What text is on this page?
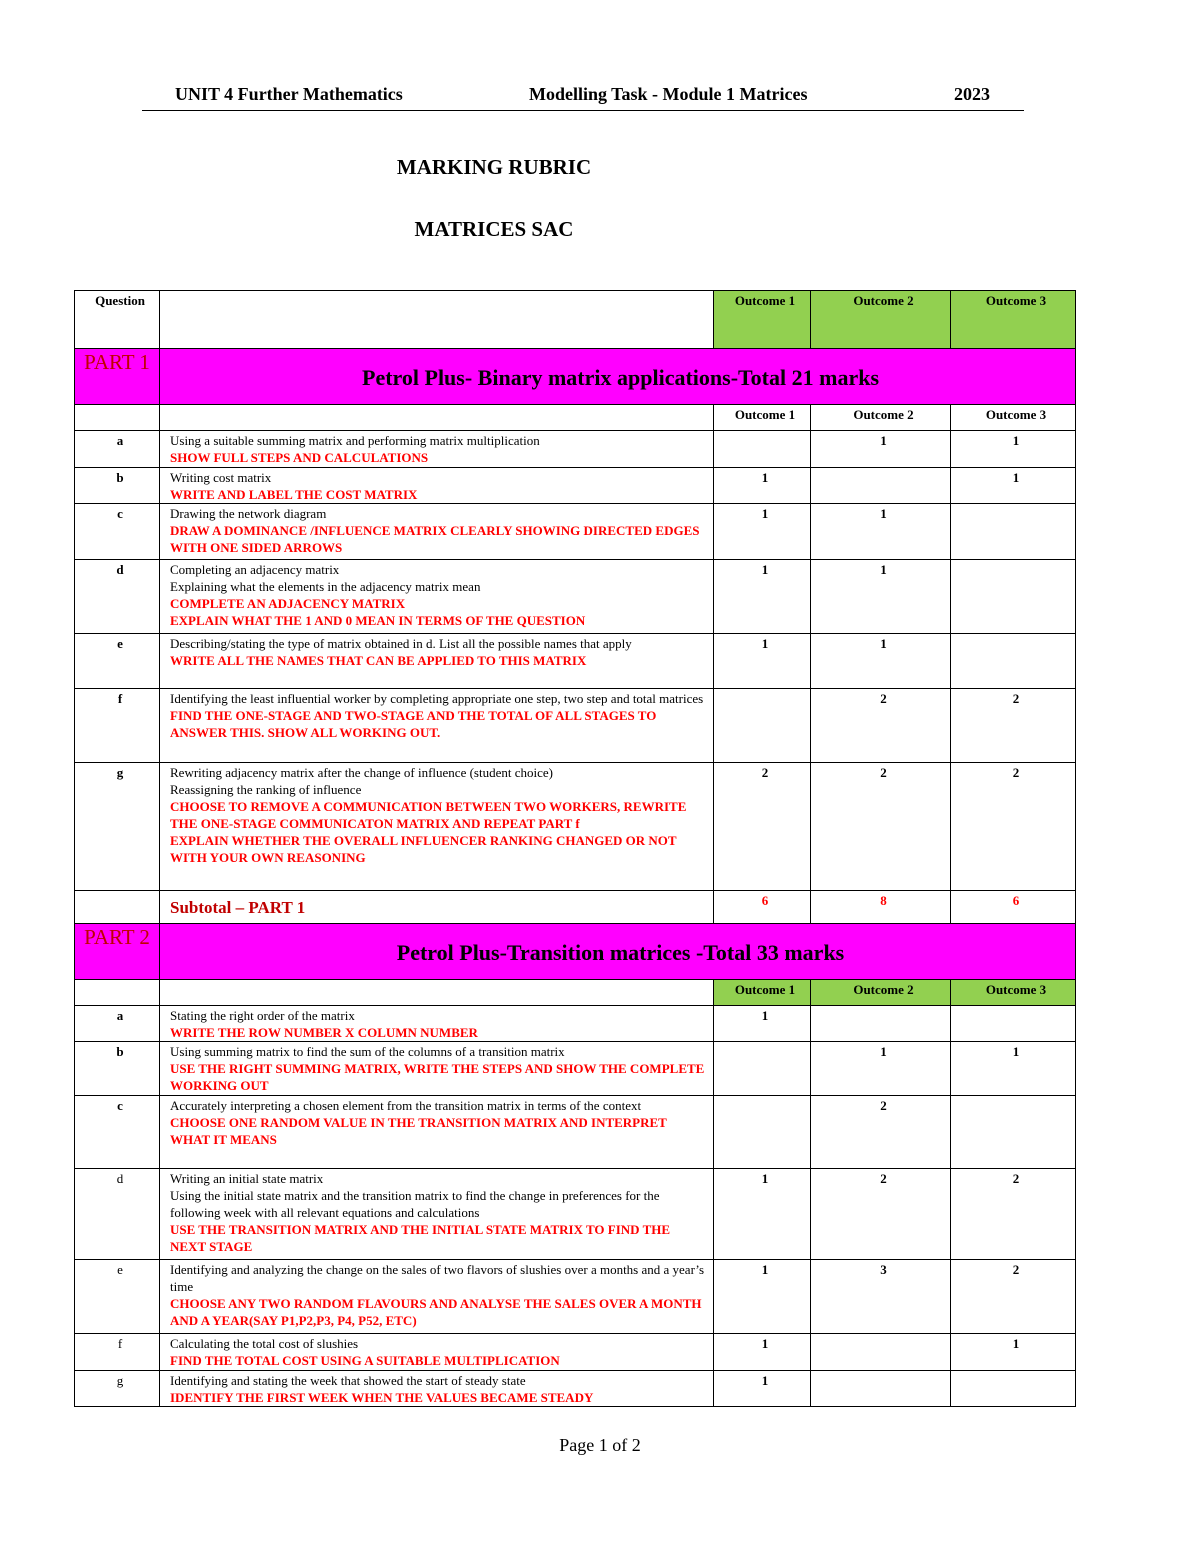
UNIT 4 Further Mathematics	Modelling Task - Module 1 Matrices	2023
MARKING RUBRIC
MATRICES SAC
Question		Outcome 1	Outcome 2	Outcome 3
PART 1	Petrol Plus- Binary matrix applications-Total 21 marks			
		Outcome 1	Outcome 2	Outcome 3
a	Using a suitable summing matrix and performing matrix multiplication
SHOW FULL STEPS AND CALCULATIONS		1	1
b	Writing cost matrix
WRITE AND LABEL THE COST MATRIX	1		1
c	Drawing the network diagram
DRAW A DOMINANCE /INFLUENCE MATRIX CLEARLY SHOWING DIRECTED EDGES WITH ONE SIDED ARROWS	1	1	
d	Completing an adjacency matrix
Explaining what the elements in the adjacency matrix mean
COMPLETE AN ADJACENCY MATRIX
EXPLAIN WHAT THE 1 AND 0 MEAN IN TERMS OF THE QUESTION	1	1	
e	Describing/stating the type of matrix obtained in d. List all the possible names that apply
WRITE ALL THE NAMES THAT CAN BE APPLIED TO THIS MATRIX	1	1	
f	Identifying the least influential worker by completing appropriate one step, two step and total matrices
FIND THE ONE-STAGE AND TWO-STAGE AND THE TOTAL OF ALL STAGES TO ANSWER THIS. SHOW ALL WORKING OUT.		2	2
g	Rewriting adjacency matrix after the change of influence (student choice)
Reassigning the ranking of influence
CHOOSE TO REMOVE A COMMUNICATION BETWEEN TWO WORKERS, REWRITE THE ONE-STAGE COMMUNICATON MATRIX AND REPEAT PART f
EXPLAIN WHETHER THE OVERALL INFLUENCER RANKING CHANGED OR NOT WITH YOUR OWN REASONING	2	2	2
	Subtotal – PART 1	6	8	6
PART 2	Petrol Plus-Transition matrices -Total 33 marks			
		Outcome 1	Outcome 2	Outcome 3
a	Stating the right order of the matrix
WRITE THE ROW NUMBER X COLUMN NUMBER	1		
b	Using summing matrix to find the sum of the columns of a transition matrix
USE THE RIGHT SUMMING MATRIX, WRITE THE STEPS AND SHOW THE COMPLETE WORKING OUT		1	1
c	Accurately interpreting a chosen element from the transition matrix in terms of the context
CHOOSE ONE RANDOM VALUE IN THE TRANSITION MATRIX AND INTERPRET WHAT IT MEANS		2	
d	Writing an initial state matrix
Using the initial state matrix and the transition matrix to find the change in preferences for the following week with all relevant equations and calculations
USE THE TRANSITION MATRIX AND THE INITIAL STATE MATRIX TO FIND THE NEXT STAGE	1	2	2
e	Identifying and analyzing the change on the sales of two flavors of slushies over a months and a year’s time
CHOOSE ANY TWO RANDOM FLAVOURS AND ANALYSE THE SALES OVER A MONTH AND A YEAR(SAY P1,P2,P3, P4, P52, ETC)	1	3	2
f	Calculating the total cost of slushies
FIND THE TOTAL COST USING A SUITABLE MULTIPLICATION	1		1
g	Identifying and stating the week that showed the start of steady state
IDENTIFY THE FIRST WEEK WHEN THE VALUES BECAME STEADY	1		
Page 1 of 2
